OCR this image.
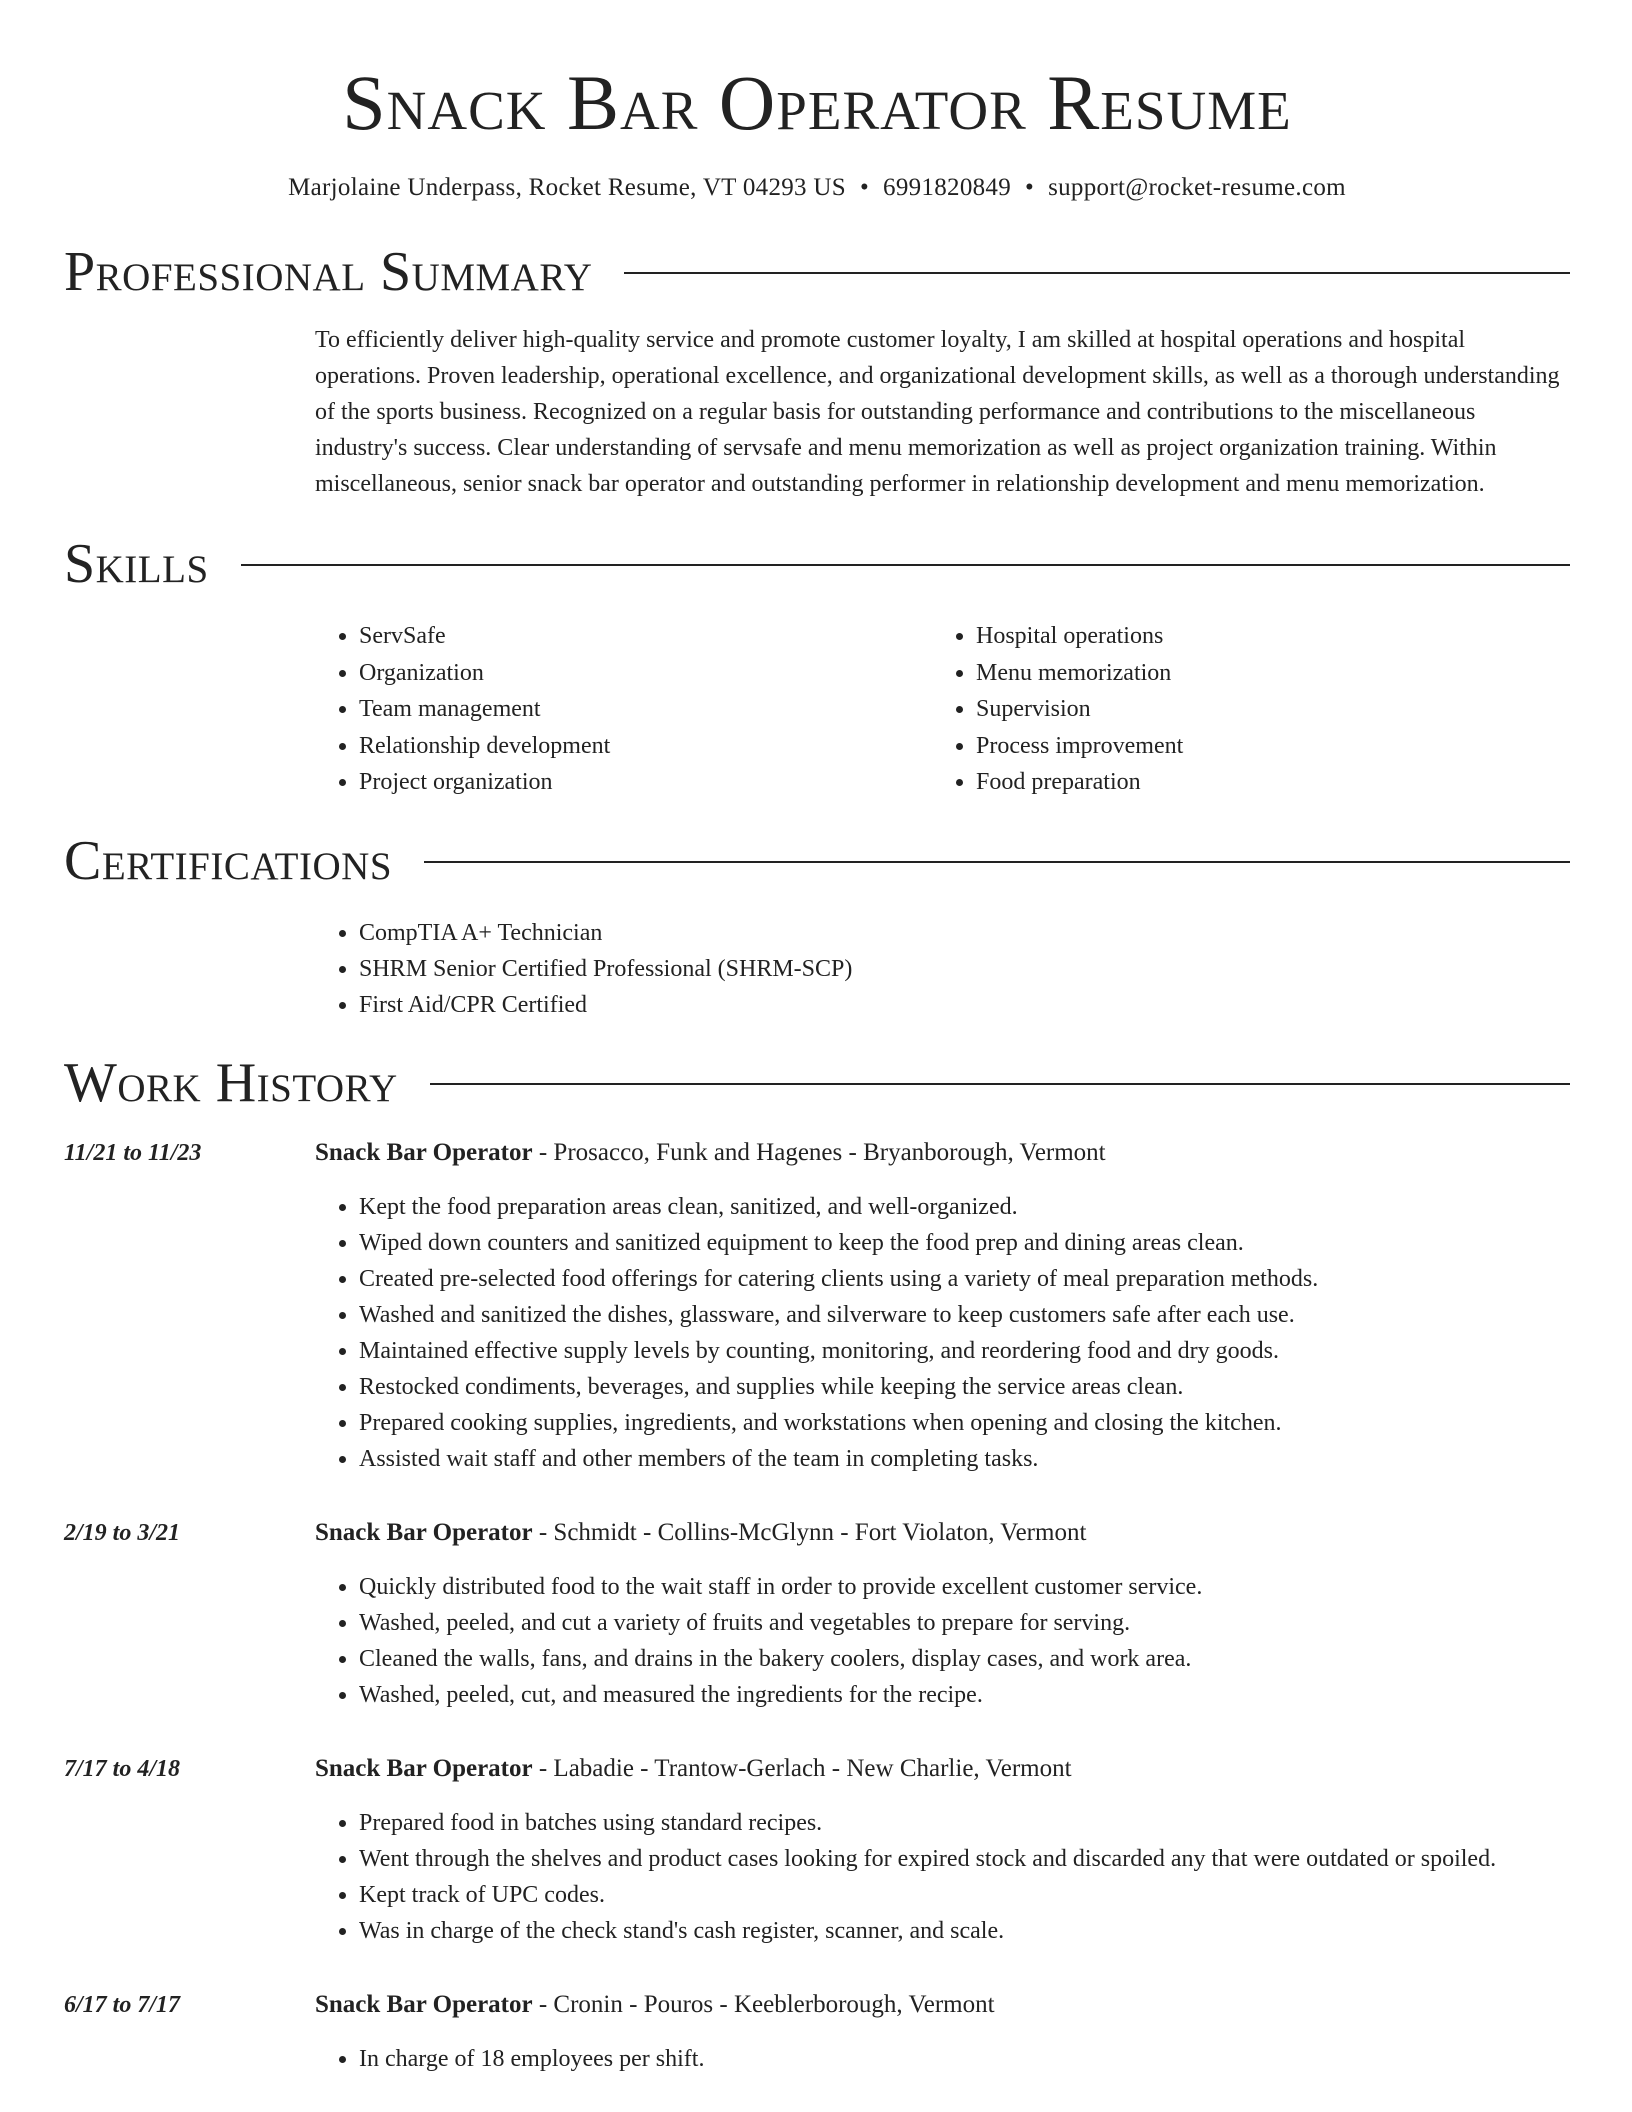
Snack Bar Operator Resume
Marjolaine Underpass, Rocket Resume, VT 04293 US • 6991820849 • support@rocket-resume.com
Professional Summary
To efficiently deliver high-quality service and promote customer loyalty, I am skilled at hospital operations and hospital operations. Proven leadership, operational excellence, and organizational development skills, as well as a thorough understanding of the sports business. Recognized on a regular basis for outstanding performance and contributions to the miscellaneous industry's success. Clear understanding of servsafe and menu memorization as well as project organization training. Within miscellaneous, senior snack bar operator and outstanding performer in relationship development and menu memorization.
Skills
• ServSafe
• Organization
• Team management
• Relationship development
• Project organization
• Hospital operations
• Menu memorization
• Supervision
• Process improvement
• Food preparation
Certifications
• CompTIA A+ Technician
• SHRM Senior Certified Professional (SHRM-SCP)
• First Aid/CPR Certified
Work History
11/21 to 11/23	Snack Bar Operator - Prosacco, Funk and Hagenes - Bryanborough, Vermont
• Kept the food preparation areas clean, sanitized, and well-organized.
• Wiped down counters and sanitized equipment to keep the food prep and dining areas clean.
• Created pre-selected food offerings for catering clients using a variety of meal preparation methods.
• Washed and sanitized the dishes, glassware, and silverware to keep customers safe after each use.
• Maintained effective supply levels by counting, monitoring, and reordering food and dry goods.
• Restocked condiments, beverages, and supplies while keeping the service areas clean.
• Prepared cooking supplies, ingredients, and workstations when opening and closing the kitchen.
• Assisted wait staff and other members of the team in completing tasks.
2/19 to 3/21	Snack Bar Operator - Schmidt - Collins-McGlynn - Fort Violaton, Vermont
• Quickly distributed food to the wait staff in order to provide excellent customer service.
• Washed, peeled, and cut a variety of fruits and vegetables to prepare for serving.
• Cleaned the walls, fans, and drains in the bakery coolers, display cases, and work area.
• Washed, peeled, cut, and measured the ingredients for the recipe.
7/17 to 4/18	Snack Bar Operator - Labadie - Trantow-Gerlach - New Charlie, Vermont
• Prepared food in batches using standard recipes.
• Went through the shelves and product cases looking for expired stock and discarded any that were outdated or spoiled.
• Kept track of UPC codes.
• Was in charge of the check stand's cash register, scanner, and scale.
6/17 to 7/17	Snack Bar Operator - Cronin - Pouros - Keeblerborough, Vermont
• In charge of 18 employees per shift.
